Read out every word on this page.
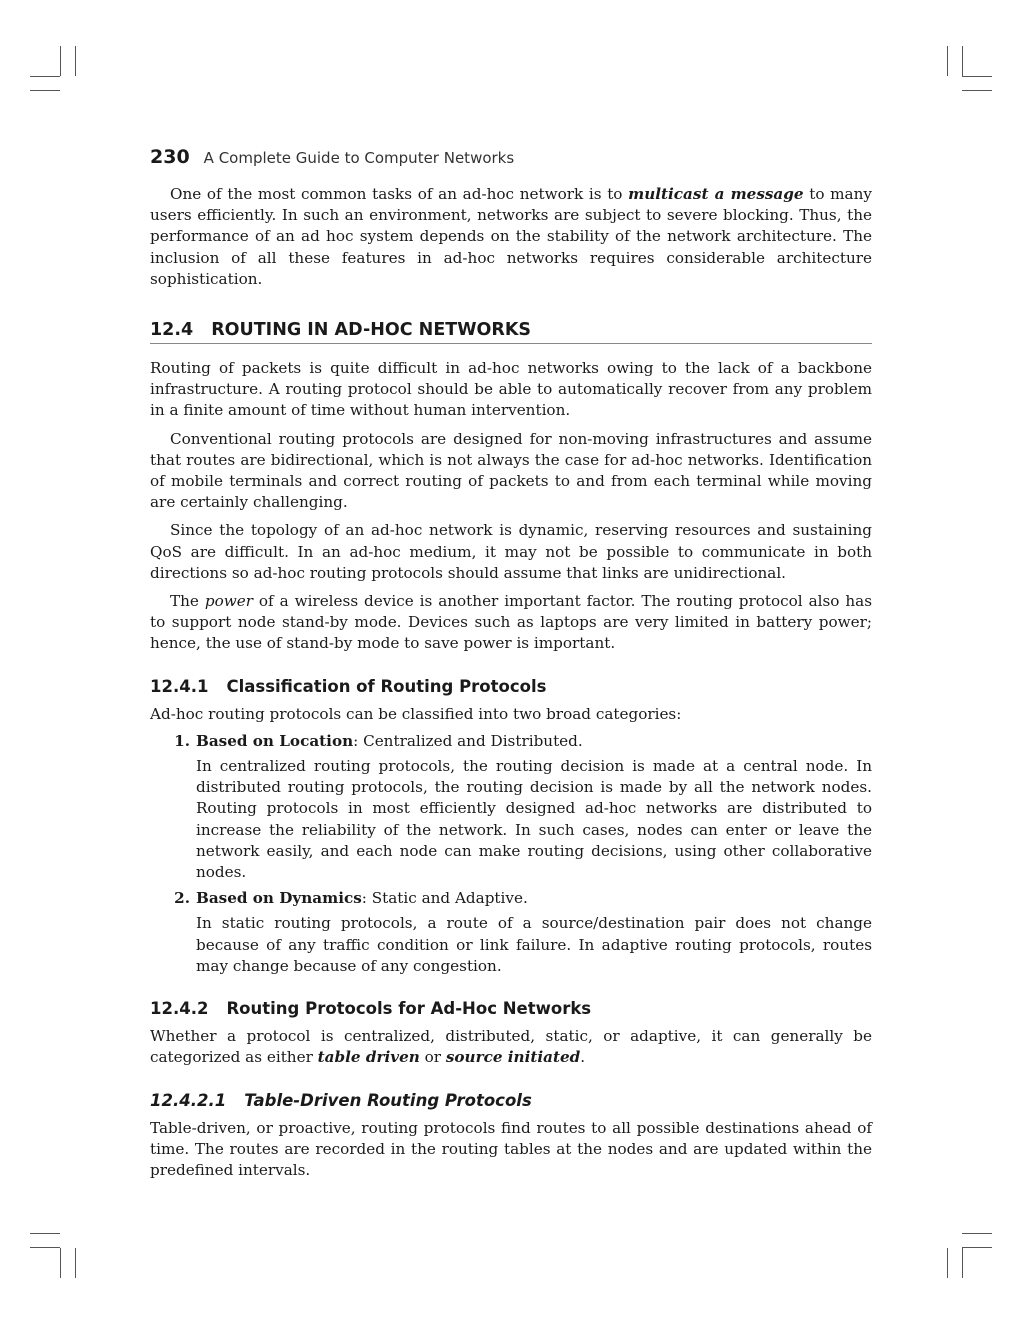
230 A Complete Guide to Computer Networks

One of the most common tasks of an ad-hoc network is to multicast a message to many users efficiently. In such an environment, networks are subject to severe blocking. Thus, the performance of an ad hoc system depends on the stability of the network architecture. The inclusion of all these features in ad-hoc networks requires considerable architecture sophistication.

12.4 ROUTING IN AD-HOC NETWORKS

Routing of packets is quite difficult in ad-hoc networks owing to the lack of a backbone infrastructure. A routing protocol should be able to automatically recover from any problem in a finite amount of time without human intervention.

Conventional routing protocols are designed for non-moving infrastructures and assume that routes are bidirectional, which is not always the case for ad-hoc networks. Identification of mobile terminals and correct routing of packets to and from each terminal while moving are certainly challenging.

Since the topology of an ad-hoc network is dynamic, reserving resources and sustaining QoS are difficult. In an ad-hoc medium, it may not be possible to communicate in both directions so ad-hoc routing protocols should assume that links are unidirectional.

The power of a wireless device is another important factor. The routing protocol also has to support node stand-by mode. Devices such as laptops are very limited in battery power; hence, the use of stand-by mode to save power is important.

12.4.1 Classification of Routing Protocols

Ad-hoc routing protocols can be classified into two broad categories:

1. Based on Location: Centralized and Distributed.

In centralized routing protocols, the routing decision is made at a central node. In distributed routing protocols, the routing decision is made by all the network nodes. Routing protocols in most efficiently designed ad-hoc networks are distributed to increase the reliability of the network. In such cases, nodes can enter or leave the network easily, and each node can make routing decisions, using other collaborative nodes.

2. Based on Dynamics: Static and Adaptive.

In static routing protocols, a route of a source/destination pair does not change because of any traffic condition or link failure. In adaptive routing protocols, routes may change because of any congestion.

12.4.2 Routing Protocols for Ad-Hoc Networks

Whether a protocol is centralized, distributed, static, or adaptive, it can generally be categorized as either table driven or source initiated.

12.4.2.1 Table-Driven Routing Protocols

Table-driven, or proactive, routing protocols find routes to all possible destinations ahead of time. The routes are recorded in the routing tables at the nodes and are updated within the predefined intervals.
